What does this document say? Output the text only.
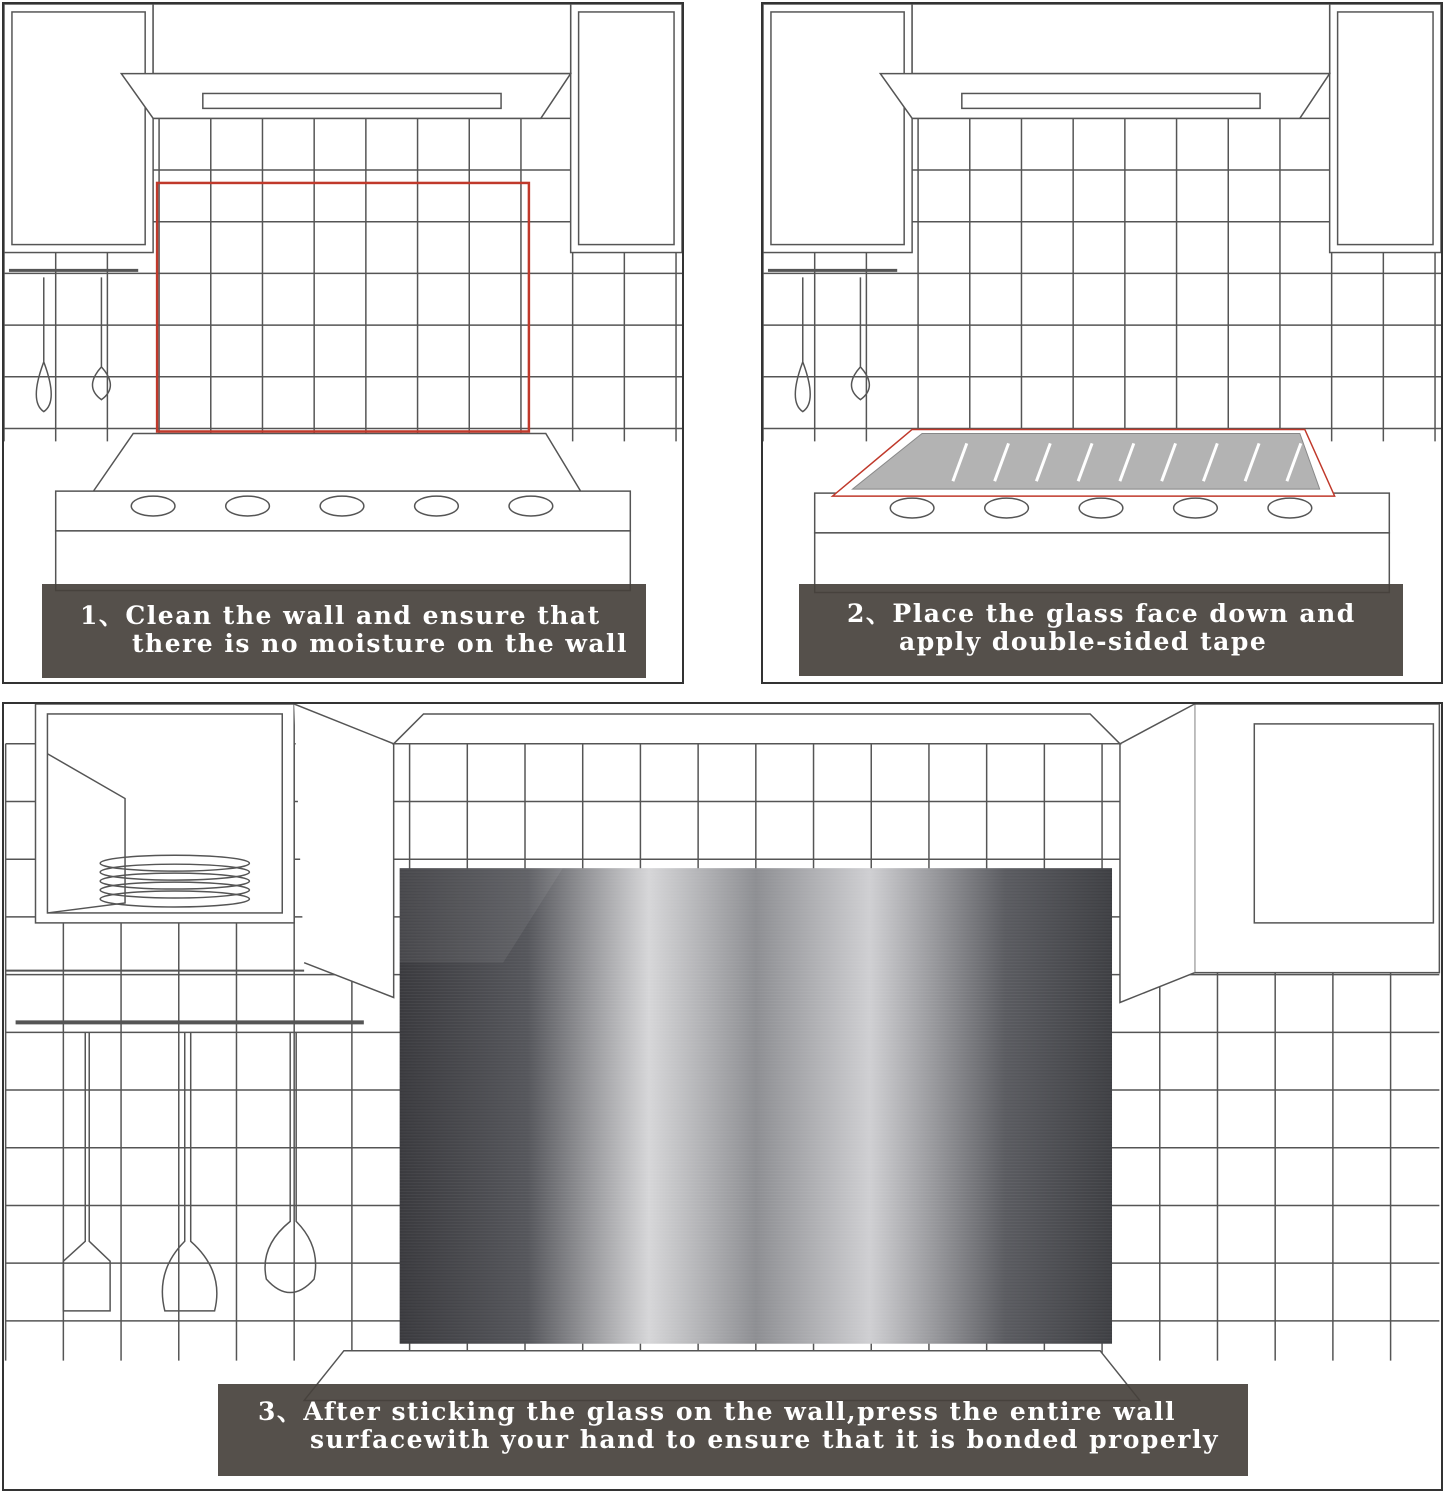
1、Clean the wall and ensure that
there is no moisture on the wall
2、Place the glass face down and
apply double-sided tape
3、After sticking the glass on the wall,press the entire wall
surfacewith your hand to ensure that it is bonded properly
